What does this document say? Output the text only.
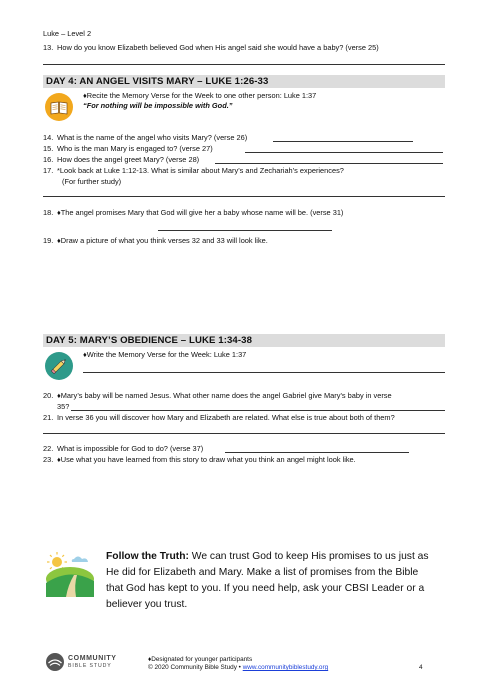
Luke – Level 2
13. How do you know Elizabeth believed God when His angel said she would have a baby? (verse 25)
DAY 4: AN ANGEL VISITS MARY – LUKE 1:26-33
♦Recite the Memory Verse for the Week to one other person: Luke 1:37
“For nothing will be impossible with God.”
14. What is the name of the angel who visits Mary? (verse 26)
15. Who is the man Mary is engaged to? (verse 27)
16. How does the angel greet Mary? (verse 28)
17. *Look back at Luke 1:12-13. What is similar about Mary’s and Zechariah’s experiences?
(For further study)
18. ♦The angel promises Mary that God will give her a baby whose name will be. (verse 31)
19. ♦Draw a picture of what you think verses 32 and 33 will look like.
DAY 5: MARY’S OBEDIENCE – LUKE 1:34-38
♦Write the Memory Verse for the Week: Luke 1:37
20. ♦Mary’s baby will be named Jesus. What other name does the angel Gabriel give Mary’s baby in verse
35?
21. In verse 36 you will discover how Mary and Elizabeth are related. What else is true about both of them?
22. What is impossible for God to do? (verse 37)
23. ♦Use what you have learned from this story to draw what you think an angel might look like.
Follow the Truth: We can trust God to keep His promises to us just as
He did for Elizabeth and Mary. Make a list of promises from the Bible
that God has kept to you. If you need help, ask your CBSI Leader or a
believer you trust.
COMMUNITY
BIBLE STUDY
♦Designated for younger participants
© 2020 Community Bible Study • www.communitybiblestudy.org	4
